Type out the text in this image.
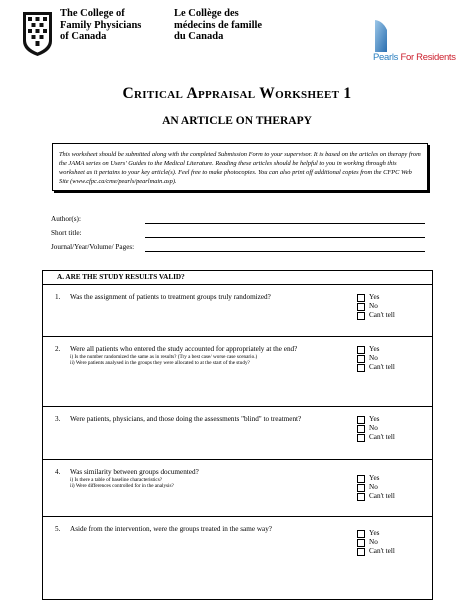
The College of
Family Physicians
of Canada
Le Collège des
médecins de famille
du Canada
Pearls For Residents
Critical Appraisal Worksheet 1
AN ARTICLE ON THERAPY
This worksheet should be submitted along with the completed Submission Form to your supervisor. It is based on the articles on therapy from the JAMA series on Users' Guides to the Medical Literature. Reading these articles should be helpful to you in working through this worksheet as it pertains to your key article(s). Feel free to make photocopies. You can also print off additional copies from the CFPC Web Site (www.cfpc.ca/cme/pearls/pearlmain.asp).
Author(s):
Short title:
Journal/Year/Volume/ Pages:
A. ARE THE STUDY RESULTS VALID?
1. Was the assignment of patients to treatment groups truly randomized?	Yes
No
Can't tell
2. Were all patients who entered the study accounted for appropriately at the end?
i) Is the number randomized the same as in results? (Try a best case/ worse case scenario.)
ii) Were patients analysed in the groups they were allocated to at the start of the study?
Yes
No
Can't tell
3. Were patients, physicians, and those doing the assessments "blind" to treatment?	Yes
No
Can't tell
4. Was similarity between groups documented?
i) Is there a table of baseline characteristics?
ii) Were differences controlled for in the analysis?
Yes
No
Can't tell
5. Aside from the intervention, were the groups treated in the same way?	Yes
No
Can't tell
